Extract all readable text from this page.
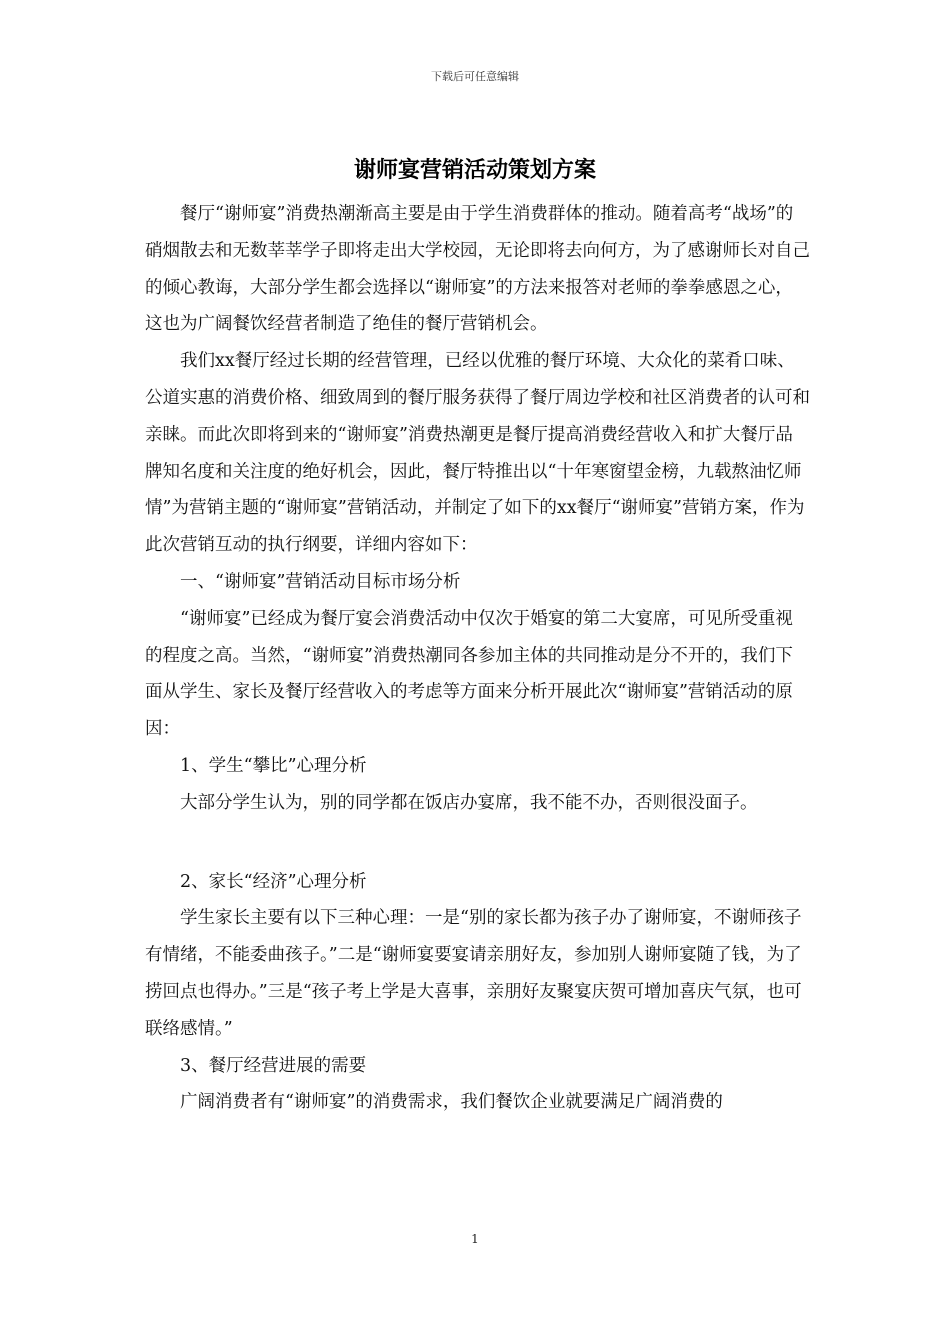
下载后可任意编辑
谢师宴营销活动策划方案

餐厅“谢师宴”消费热潮渐高主要是由于学生消费群体的推动。随着高考“战场”的硝烟散去和无数莘莘学子即将走出大学校园，无论即将去向何方，为了感谢师长对自己的倾心教诲，大部分学生都会选择以“谢师宴”的方法来报答对老师的拳拳感恩之心，这也为广阔餐饮经营者制造了绝佳的餐厅营销机会。

我们xx餐厅经过长期的经营管理，已经以优雅的餐厅环境、大众化的菜肴口味、公道实惠的消费价格、细致周到的餐厅服务获得了餐厅周边学校和社区消费者的认可和亲睐。而此次即将到来的“谢师宴”消费热潮更是餐厅提高消费经营收入和扩大餐厅品牌知名度和关注度的绝好机会，因此，餐厅特推出以“十年寒窗望金榜，九载熬油忆师情”为营销主题的“谢师宴”营销活动，并制定了如下的xx餐厅“谢师宴”营销方案，作为此次营销互动的执行纲要，详细内容如下：

一、“谢师宴”营销活动目标市场分析

“谢师宴”已经成为餐厅宴会消费活动中仅次于婚宴的第二大宴席，可见所受重视的程度之高。当然，“谢师宴”消费热潮同各参加主体的共同推动是分不开的，我们下面从学生、家长及餐厅经营收入的考虑等方面来分析开展此次“谢师宴”营销活动的原因：

1、学生“攀比”心理分析

大部分学生认为，别的同学都在饭店办宴席，我不能不办，否则很没面子。

2、家长“经济”心理分析

学生家长主要有以下三种心理：一是“别的家长都为孩子办了谢师宴，不谢师孩子有情绪，不能委曲孩子。”二是“谢师宴要宴请亲朋好友，参加别人谢师宴随了钱，为了捞回点也得办。”三是“孩子考上学是大喜事，亲朋好友聚宴庆贺可增加喜庆气氛，也可联络感情。”

3、餐厅经营进展的需要

广阔消费者有“谢师宴”的消费需求，我们餐饮企业就要满足广阔消费的

1
